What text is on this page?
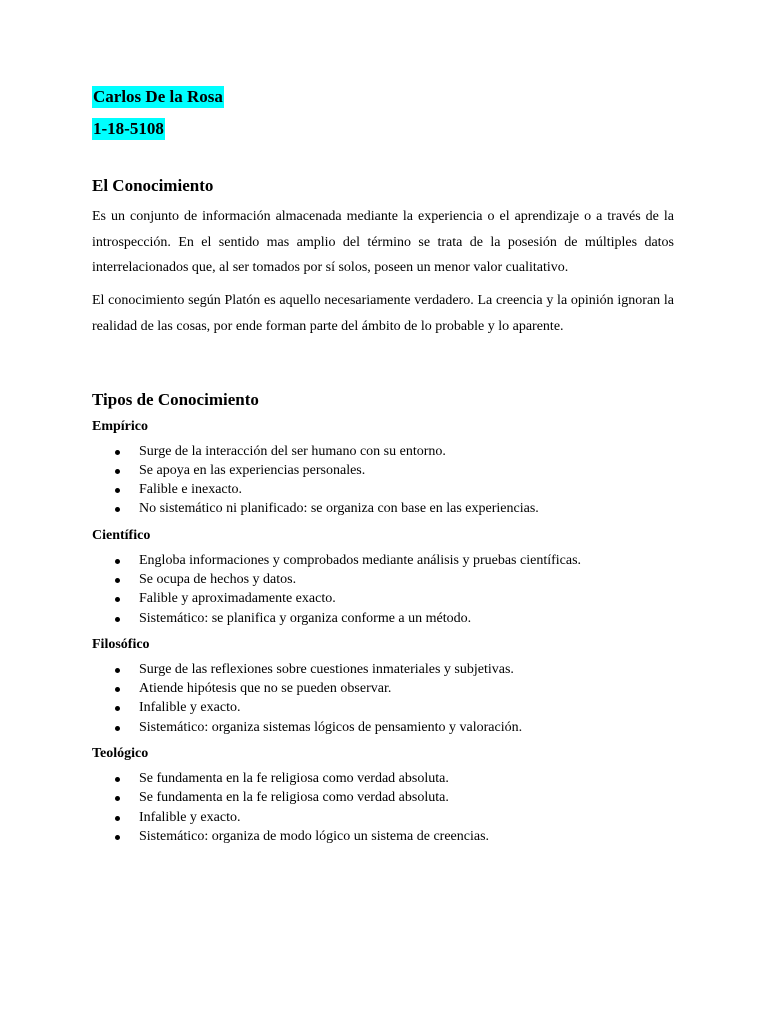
Carlos De la Rosa
1-18-5108
El Conocimiento

Es un conjunto de información almacenada mediante la experiencia o el aprendizaje o a través de la introspección. En el sentido mas amplio del término se trata de la posesión de múltiples datos interrelacionados que, al ser tomados por sí solos, poseen un menor valor cualitativo.

El conocimiento según Platón es aquello necesariamente verdadero. La creencia y la opinión ignoran la realidad de las cosas, por ende forman parte del ámbito de lo probable y lo aparente.

Tipos de Conocimiento
Empírico
Surge de la interacción del ser humano con su entorno.
Se apoya en las experiencias personales.
Falible e inexacto.
No sistemático ni planificado: se organiza con base en las experiencias.
Científico
Engloba informaciones y comprobados mediante análisis y pruebas científicas.
Se ocupa de hechos y datos.
Falible y aproximadamente exacto.
Sistemático: se planifica y organiza conforme a un método.
Filosófico
Surge de las reflexiones sobre cuestiones inmateriales y subjetivas.
Atiende hipótesis que no se pueden observar.
Infalible y exacto.
Sistemático: organiza sistemas lógicos de pensamiento y valoración.
Teológico
Se fundamenta en la fe religiosa como verdad absoluta.
Se fundamenta en la fe religiosa como verdad absoluta.
Infalible y exacto.
Sistemático: organiza de modo lógico un sistema de creencias.
